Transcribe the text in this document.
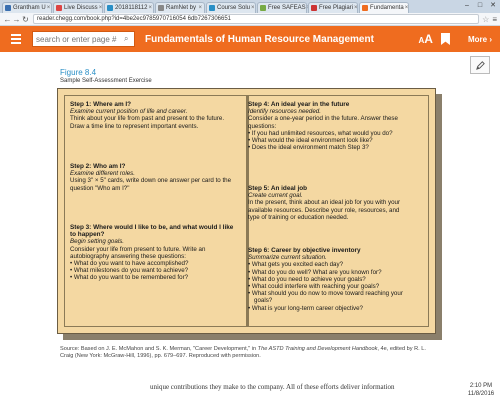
Grantham U × Live Discuss × 2018118112 × RamNet by ×	Course Solu × Free SAFEAS Free Plagiari × Fundamenta ×	–	□	✕
← → ↻ reader.chegg.com/book.php?id=4be2ec9785970716054 6db7267306651	☆ ≡
search or enter page #
⌕ Fundamentals of Human Resource Management	AA	More ›
Figure 8.4
Sample Self-Assessment Exercise
Step 1: Where am I?
Examine current position of life and career.
Think about your life from past and present to the future. Draw a time line to represent important events.
Step 2: Who am I?
Examine different roles.
Using 3" × 5" cards, write down one answer per card to the question "Who am I?"
Step 3: Where would I like to be, and what would I like to happen?
Begin setting goals.
Consider your life from present to future. Write an autobiography answering these questions:
• What do you want to have accomplished?
• What milestones do you want to achieve?
• What do you want to be remembered for?
Step 4: An ideal year in the future
Identify resources needed.
Consider a one-year period in the future. Answer these questions:
• If you had unlimited resources, what would you do?
• What would the ideal environment look like?
• Does the ideal environment match Step 3?
Step 5: An ideal job
Create current goal.
In the present, think about an ideal job for you with your available resources. Describe your role, resources, and type of training or education needed.
Step 6: Career by objective inventory
Summarize current situation.
• What gets you excited each day?
• What do you do well? What are you known for?
• What do you need to achieve your goals?
• What could interfere with reaching your goals?
• What should you do now to move toward reaching your goals?
• What is your long-term career objective?
Source: Based on J. E. McMahon and S. K. Merman, "Career Development," in The ASTD Training and Development Handbook, 4e, edited by R. L. Craig (New York: McGraw-Hill, 1996), pp. 679–697. Reproduced with permission.
unique contributions they make to the company. All of these efforts deliver information	2:10 PM
11/8/2016
